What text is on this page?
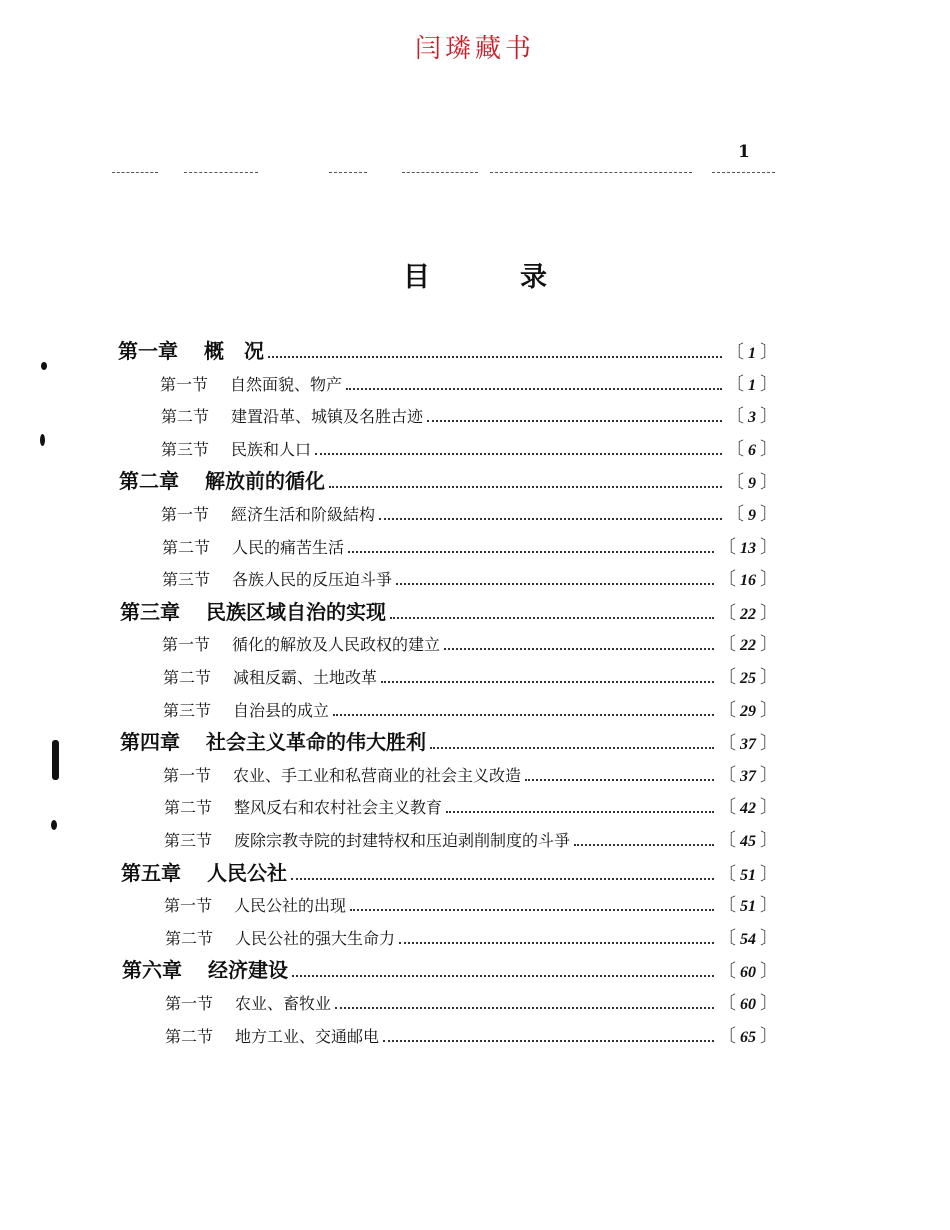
闫璘藏书
1
目录
第一章 概　况	〔 1 〕
第一节 自然面貌、物产	〔 1 〕
第二节 建置沿革、城镇及名胜古迹	〔 3 〕
第三节 民族和人口	〔 6 〕
第二章 解放前的循化	〔 9 〕
第一节 經济生活和阶級結构	〔 9 〕
第二节 人民的痛苦生活	〔 13 〕
第三节 各族人民的反压迫斗爭	〔 16 〕
第三章 民族区域自治的实现	〔 22 〕
第一节 循化的解放及人民政权的建立	〔 22 〕
第二节 减租反霸、土地改革	〔 25 〕
第三节 自治县的成立	〔 29 〕
第四章 社会主义革命的伟大胜利	〔 37 〕
第一节 农业、手工业和私营商业的社会主义改造	〔 37 〕
第二节 整风反右和农村社会主义教育	〔 42 〕
第三节 废除宗教寺院的封建特权和压迫剥削制度的斗爭	〔 45 〕
第五章 人民公社	〔 51 〕
第一节 人民公社的出现	〔 51 〕
第二节 人民公社的强大生命力	〔 54 〕
第六章 经济建设	〔 60 〕
第一节 农业、畜牧业	〔 60 〕
第二节 地方工业、交通邮电	〔 65 〕
